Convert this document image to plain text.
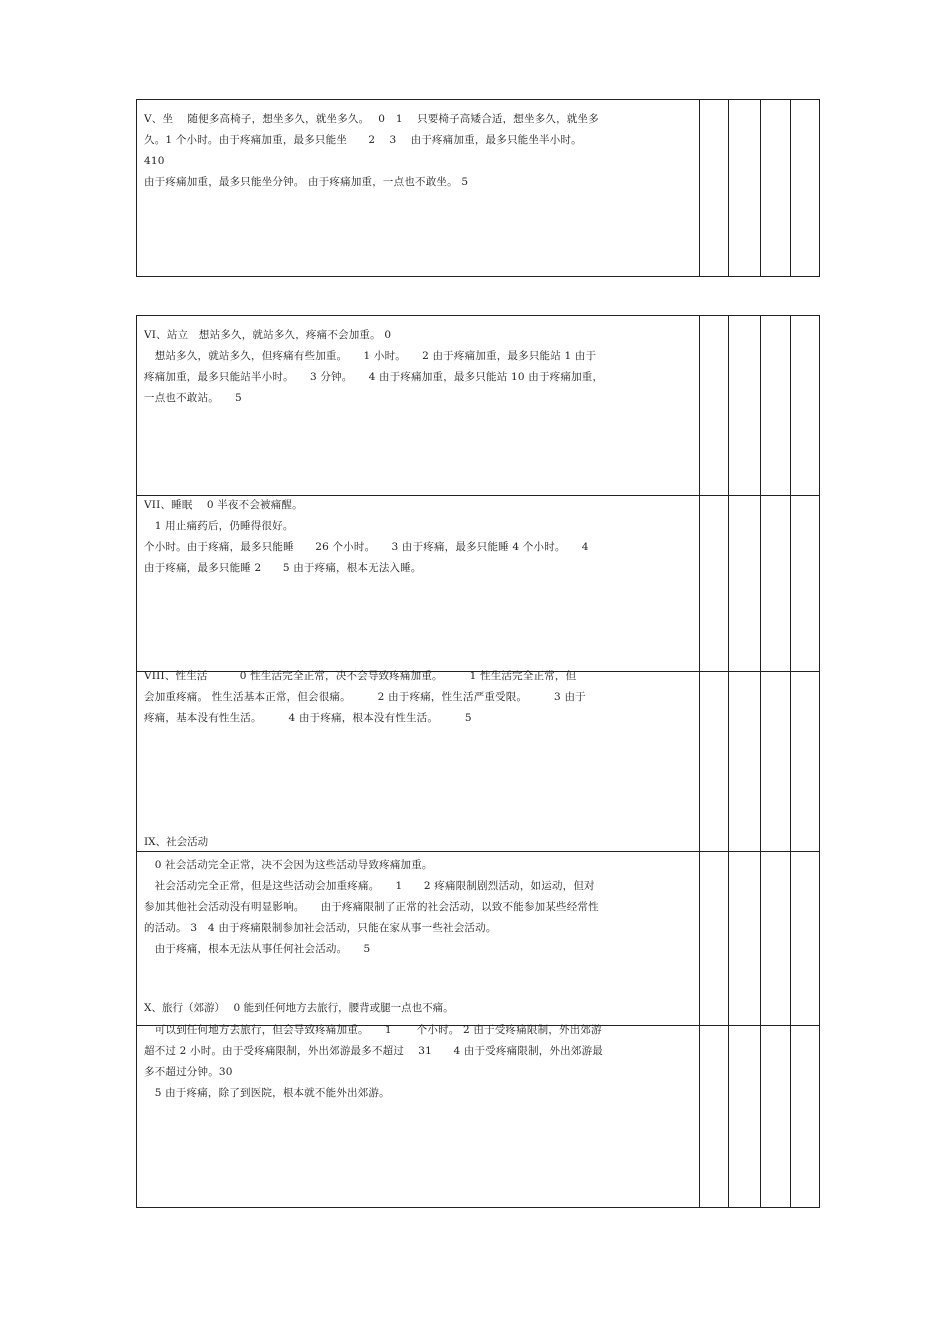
V、坐　 随便多高椅子，想坐多久，就坐多久。　 0　1　 只要椅子高矮合适，想坐多久，就坐多

久。1 个小时。由于疼痛加重，最多只能坐　　2　 3　 由于疼痛加重，最多只能坐半小时。

410

由于疼痛加重，最多只能坐分钟。 由于疼痛加重，一点也不敢坐。 5

VI、站立　想站多久，就站多久，疼痛不会加重。 0

　想站多久，就站多久，但疼痛有些加重。　　1 小时。　　2 由于疼痛加重，最多只能站 1 由于

疼痛加重，最多只能站半小时。　　3 分钟。　　4 由于疼痛加重，最多只能站 10 由于疼痛加重，

一点也不敢站。　　5

VII、睡眠　 0 半夜不会被痛醒。

　1 用止痛药后，仍睡得很好。

个小时。由于疼痛，最多只能睡　　26 个小时。　　3 由于疼痛，最多只能睡 4 个小时。　　4

由于疼痛，最多只能睡 2　　5 由于疼痛，根本无法入睡。

VIII、性生活　　　0 性生活完全正常，决不会导致疼痛加重。　　　1 性生活完全正常，但

会加重疼痛。 性生活基本正常，但会很痛。　　　2 由于疼痛，性生活严重受限。　　　3 由于

疼痛，基本没有性生活。　　　4 由于疼痛，根本没有性生活。　　　5

IX、社会活动

　0 社会活动完全正常，决不会因为这些活动导致疼痛加重。

　社会活动完全正常，但是这些活动会加重疼痛。　　1　　2 疼痛限制剧烈活动，如运动，但对

参加其他社会活动没有明显影响。　　由于疼痛限制了正常的社会活动，以致不能参加某些经常性

的活动。 3　4 由于疼痛限制参加社会活动，只能在家从事一些社会活动。

　由于疼痛，根本无法从事任何社会活动。　　5

X、旅行（郊游）　 0 能到任何地方去旅行，腰背或腿一点也不痛。

　可以到任何地方去旅行，但会导致疼痛加重。　　1　　 个小时。 2 由于受疼痛限制，外出郊游

超不过 2 小时。由于受疼痛限制，外出郊游最多不超过　 31　　4 由于受疼痛限制，外出郊游最

多不超过分钟。30

　5 由于疼痛，除了到医院，根本就不能外出郊游。
